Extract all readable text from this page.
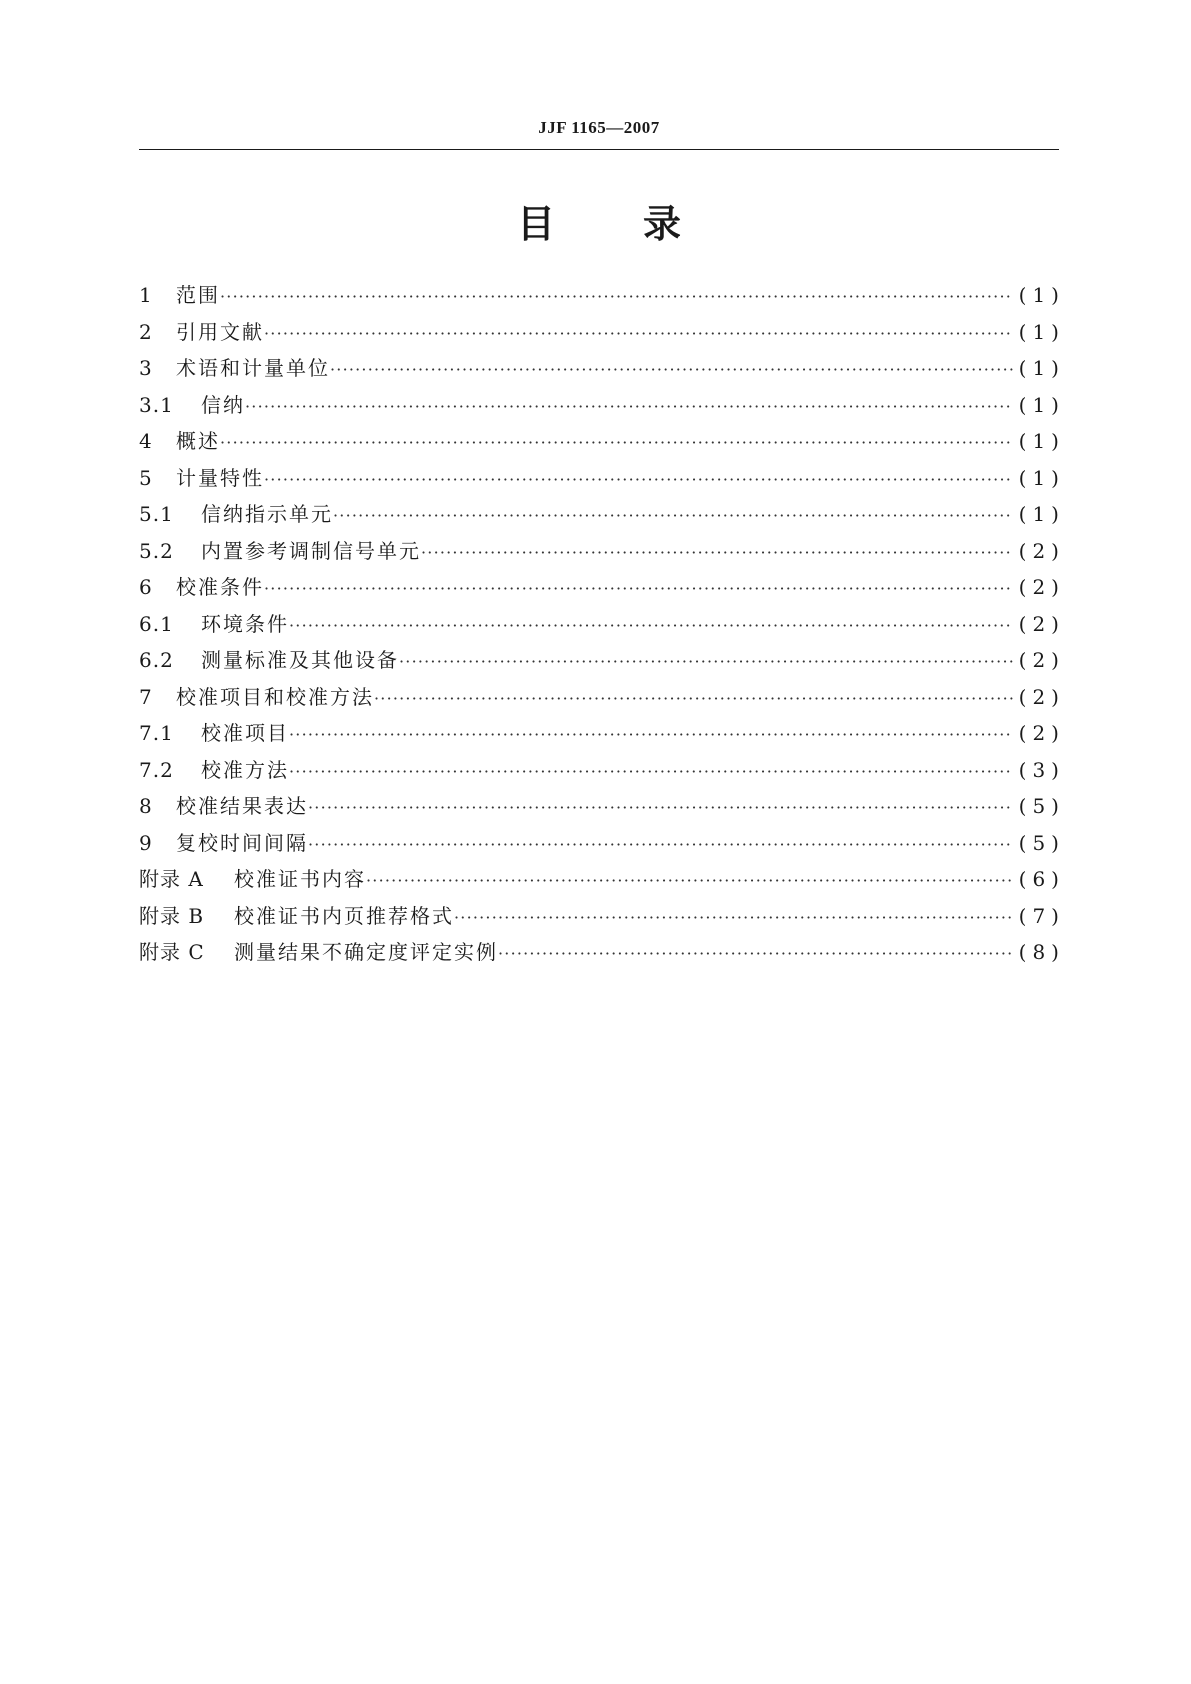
JJF 1165—2007
目 录
1	范围 ·····	(1)
2	引用文献 ·····	(1)
3	术语和计量单位 ·····	(1)
3.1	信纳 ·····	(1)
4	概述 ·····	(1)
5	计量特性 ·····	(1)
5.1	信纳指示单元 ·····	(1)
5.2	内置参考调制信号单元 ·····	(2)
6	校准条件 ·····	(2)
6.1	环境条件 ·····	(2)
6.2	测量标准及其他设备 ·····	(2)
7	校准项目和校准方法 ·····	(2)
7.1	校准项目 ·····	(2)
7.2	校准方法 ·····	(3)
8	校准结果表达 ·····	(5)
9	复校时间间隔 ·····	(5)
附录 A	校准证书内容 ·····	(6)
附录 B	校准证书内页推荐格式 ·····	(7)
附录 C	测量结果不确定度评定实例 ·····	(8)
